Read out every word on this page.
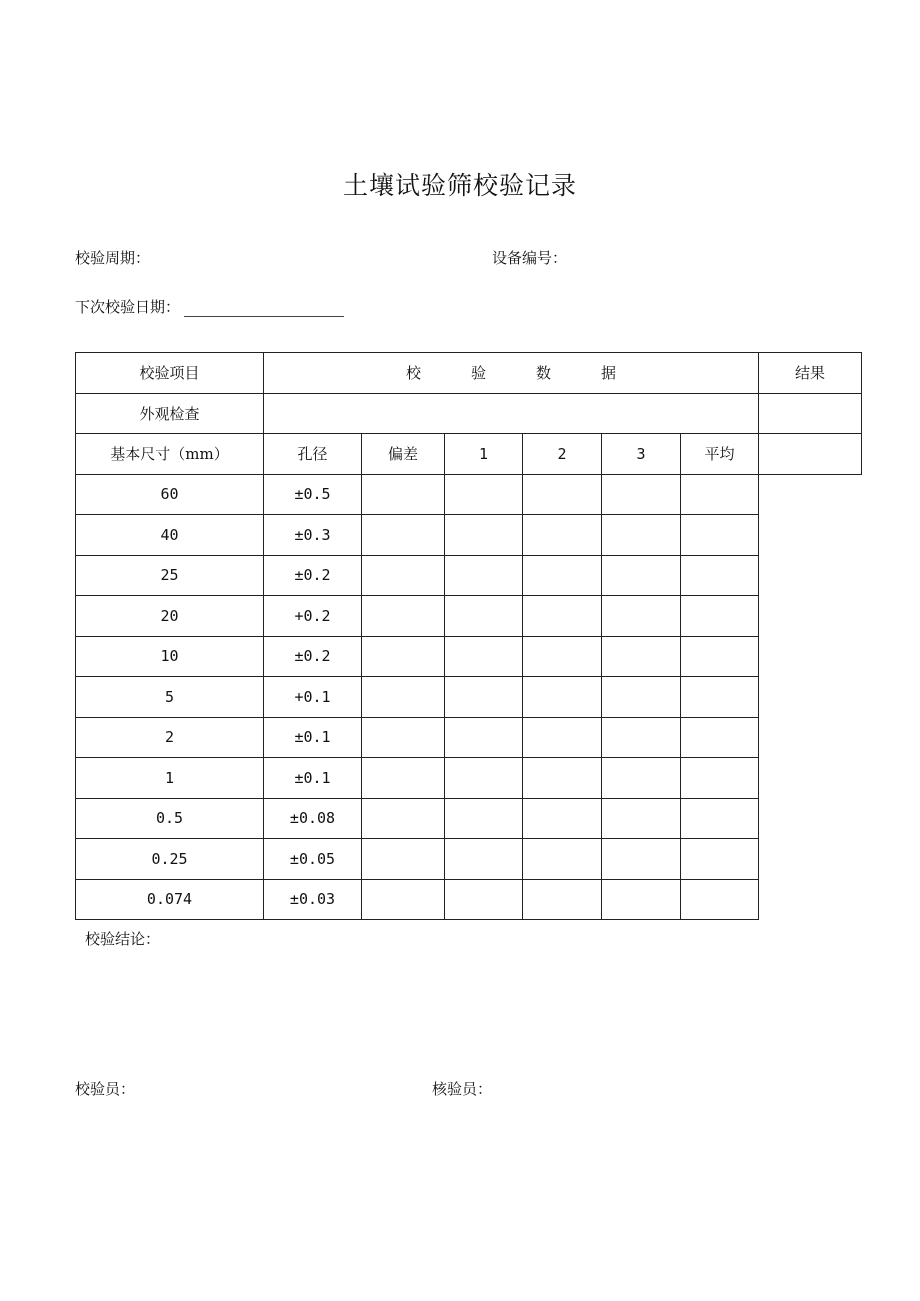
土壤试验筛校验记录
校验周期：	设备编号：
下次校验日期：
校验项目	校 验 数 据						结果
外观检查							
基本尺寸（mm）	孔径	偏差	1	2	3	平均	
60	±0.5						
40	±0.3						
25	±0.2						
20	+0.2						
10	±0.2						
5	+0.1						
2	±0.1						
1	±0.1						
0.5	±0.08						
0.25	±0.05						
0.074	±0.03						
校验结论：
校验员：	核验员：
